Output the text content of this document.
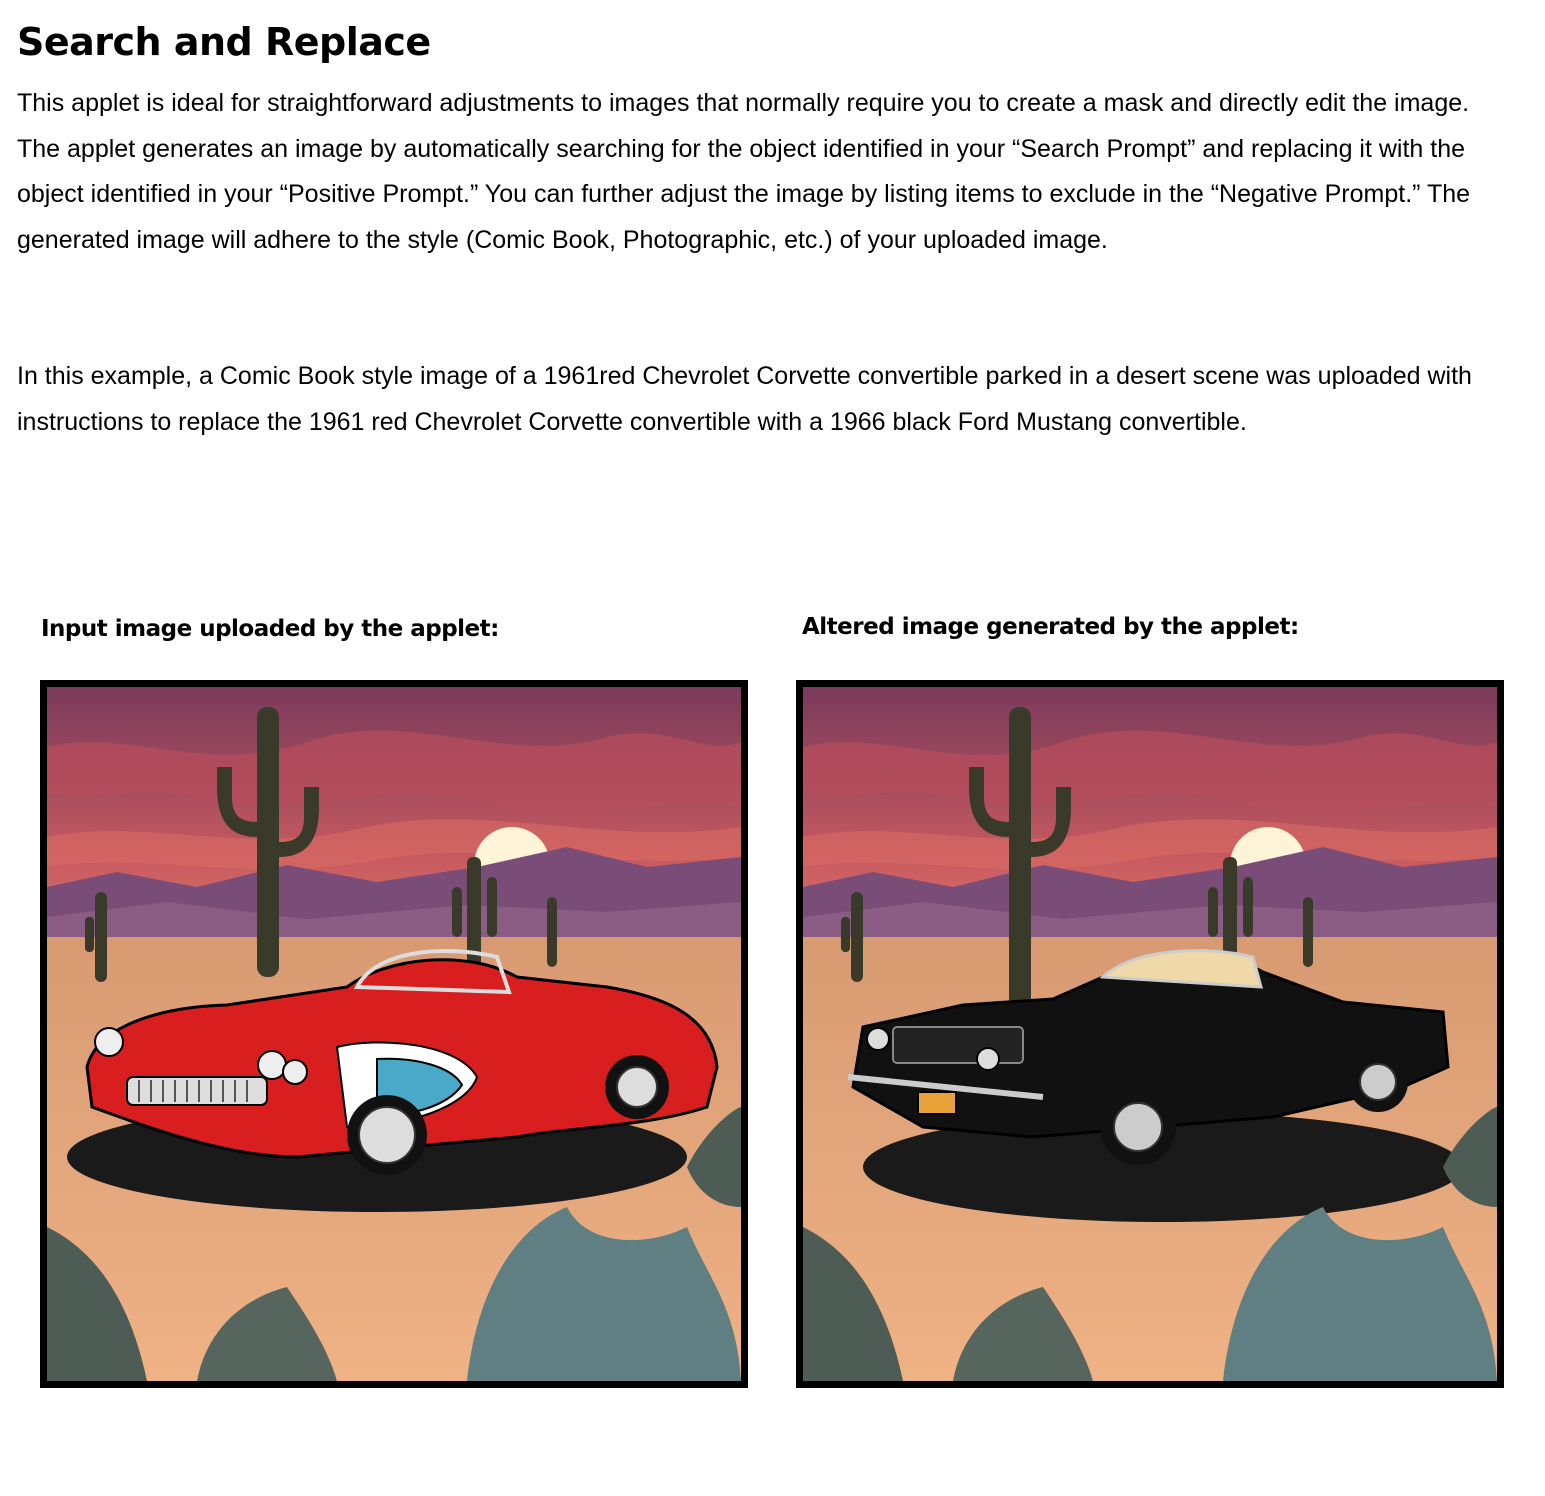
Search and Replace

This applet is ideal for straightforward adjustments to images that normally require you to create a mask and directly edit the image. The applet generates an image by automatically searching for the object identified in your “Search Prompt” and replacing it with the object identified in your “Positive Prompt.” You can further adjust the image by listing items to exclude in the “Negative Prompt.” The generated image will adhere to the style (Comic Book, Photographic, etc.) of your uploaded image.

In this example, a Comic Book style image of a 1961red Chevrolet Corvette convertible parked in a desert scene was uploaded with instructions to replace the 1961 red Chevrolet Corvette convertible with a 1966 black Ford Mustang convertible.

Input image uploaded by the applet:	Altered image generated by the applet:
